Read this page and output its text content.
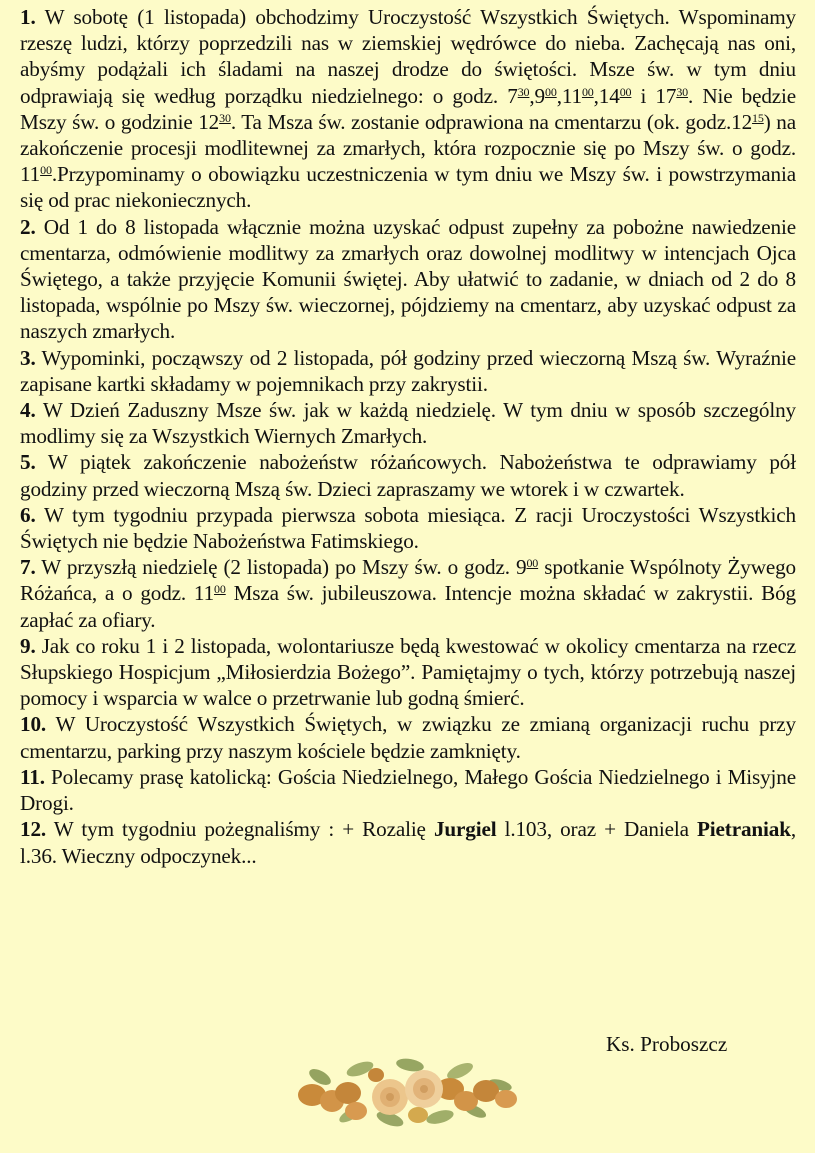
1. W sobotę (1 listopada) obchodzimy Uroczystość Wszystkich Świętych. Wspominamy rzeszę ludzi, którzy poprzedzili nas w ziemskiej wędrówce do nieba. Zachęcają nas oni, abyśmy podążali ich śladami na naszej drodze do świętości. Msze św. w tym dniu odprawiają się według porządku niedzielnego: o godz. $7^{30},9^{00},11^{00},14^{00}$ i $17^{30}$. Nie będzie Mszy św. o godzinie $12^{30}$. Ta Msza św. zostanie odprawiona na cmentarzu (ok. $godz.12^{15}$) na zakończenie procesji modlitewnej za zmarłych, która rozpocznie się po Mszy św. o godz. $11^{00}.Przypominamy$ o obowiązku uczestniczenia w tym dniu we Mszy św. i powstrzymania się od prac niekoniecznych.

2. Od 1 do 8 listopada włącznie można uzyskać odpust zupełny za pobożne nawiedzenie cmentarza, odmówienie modlitwy za zmarłych oraz dowolnej modlitwy w intencjach Ojca Świętego, a także przyjęcie Komunii świętej. Aby ułatwić to zadanie, w dniach od 2 do 8 listopada, wspólnie po Mszy św. wieczornej, pójdziemy na cmentarz, aby uzyskać odpust za naszych zmarłych.

3. Wypominki, począwszy od 2 listopada, pół godziny przed wieczorną Mszą św. Wyraźnie zapisane kartki składamy w pojemnikach przy zakrystii.

4. W Dzień Zaduszny Msze św. jak w każdą niedzielę. W tym dniu w sposób szczególny modlimy się za Wszystkich Wiernych Zmarłych.

5. W piątek zakończenie nabożeństw różańcowych. Nabożeństwa te odprawiamy pół godziny przed wieczorną Mszą św. Dzieci zapraszamy we wtorek i w czwartek.

6. W tym tygodniu przypada pierwsza sobota miesiąca. Z racji Uroczystości Wszystkich Świętych nie będzie Nabożeństwa Fatimskiego.

7. W przyszłą niedzielę (2 listopada) po Mszy św. o godz. $9^{00}$ spotkanie Wspólnoty Żywego Różańca, a o godz. $11^{00}$ Msza św. jubileuszowa. Intencje można składać w zakrystii. Bóg zapłać za ofiary.

9. Jak co roku 1 i 2 listopada, wolontariusze będą kwestować w okolicy cmentarza na rzecz Słupskiego Hospicjum „Miłosierdzia Bożego”. Pamiętajmy o tych, którzy potrzebują naszej pomocy i wsparcia w walce o przetrwanie lub godną śmierć.

10. W Uroczystość Wszystkich Świętych, w związku ze zmianą organizacji ruchu przy cmentarzu, parking przy naszym kościele będzie zamknięty.

11. Polecamy prasę katolicką: Gościa Niedzielnego, Małego Gościa Niedzielnego i Misyjne Drogi.

12. W tym tygodniu pożegnaliśmy : + Rozalię Jurgiel l.103, oraz + Daniela Pietraniak, l.36. Wieczny odpoczynek...

Ks. Proboszcz
